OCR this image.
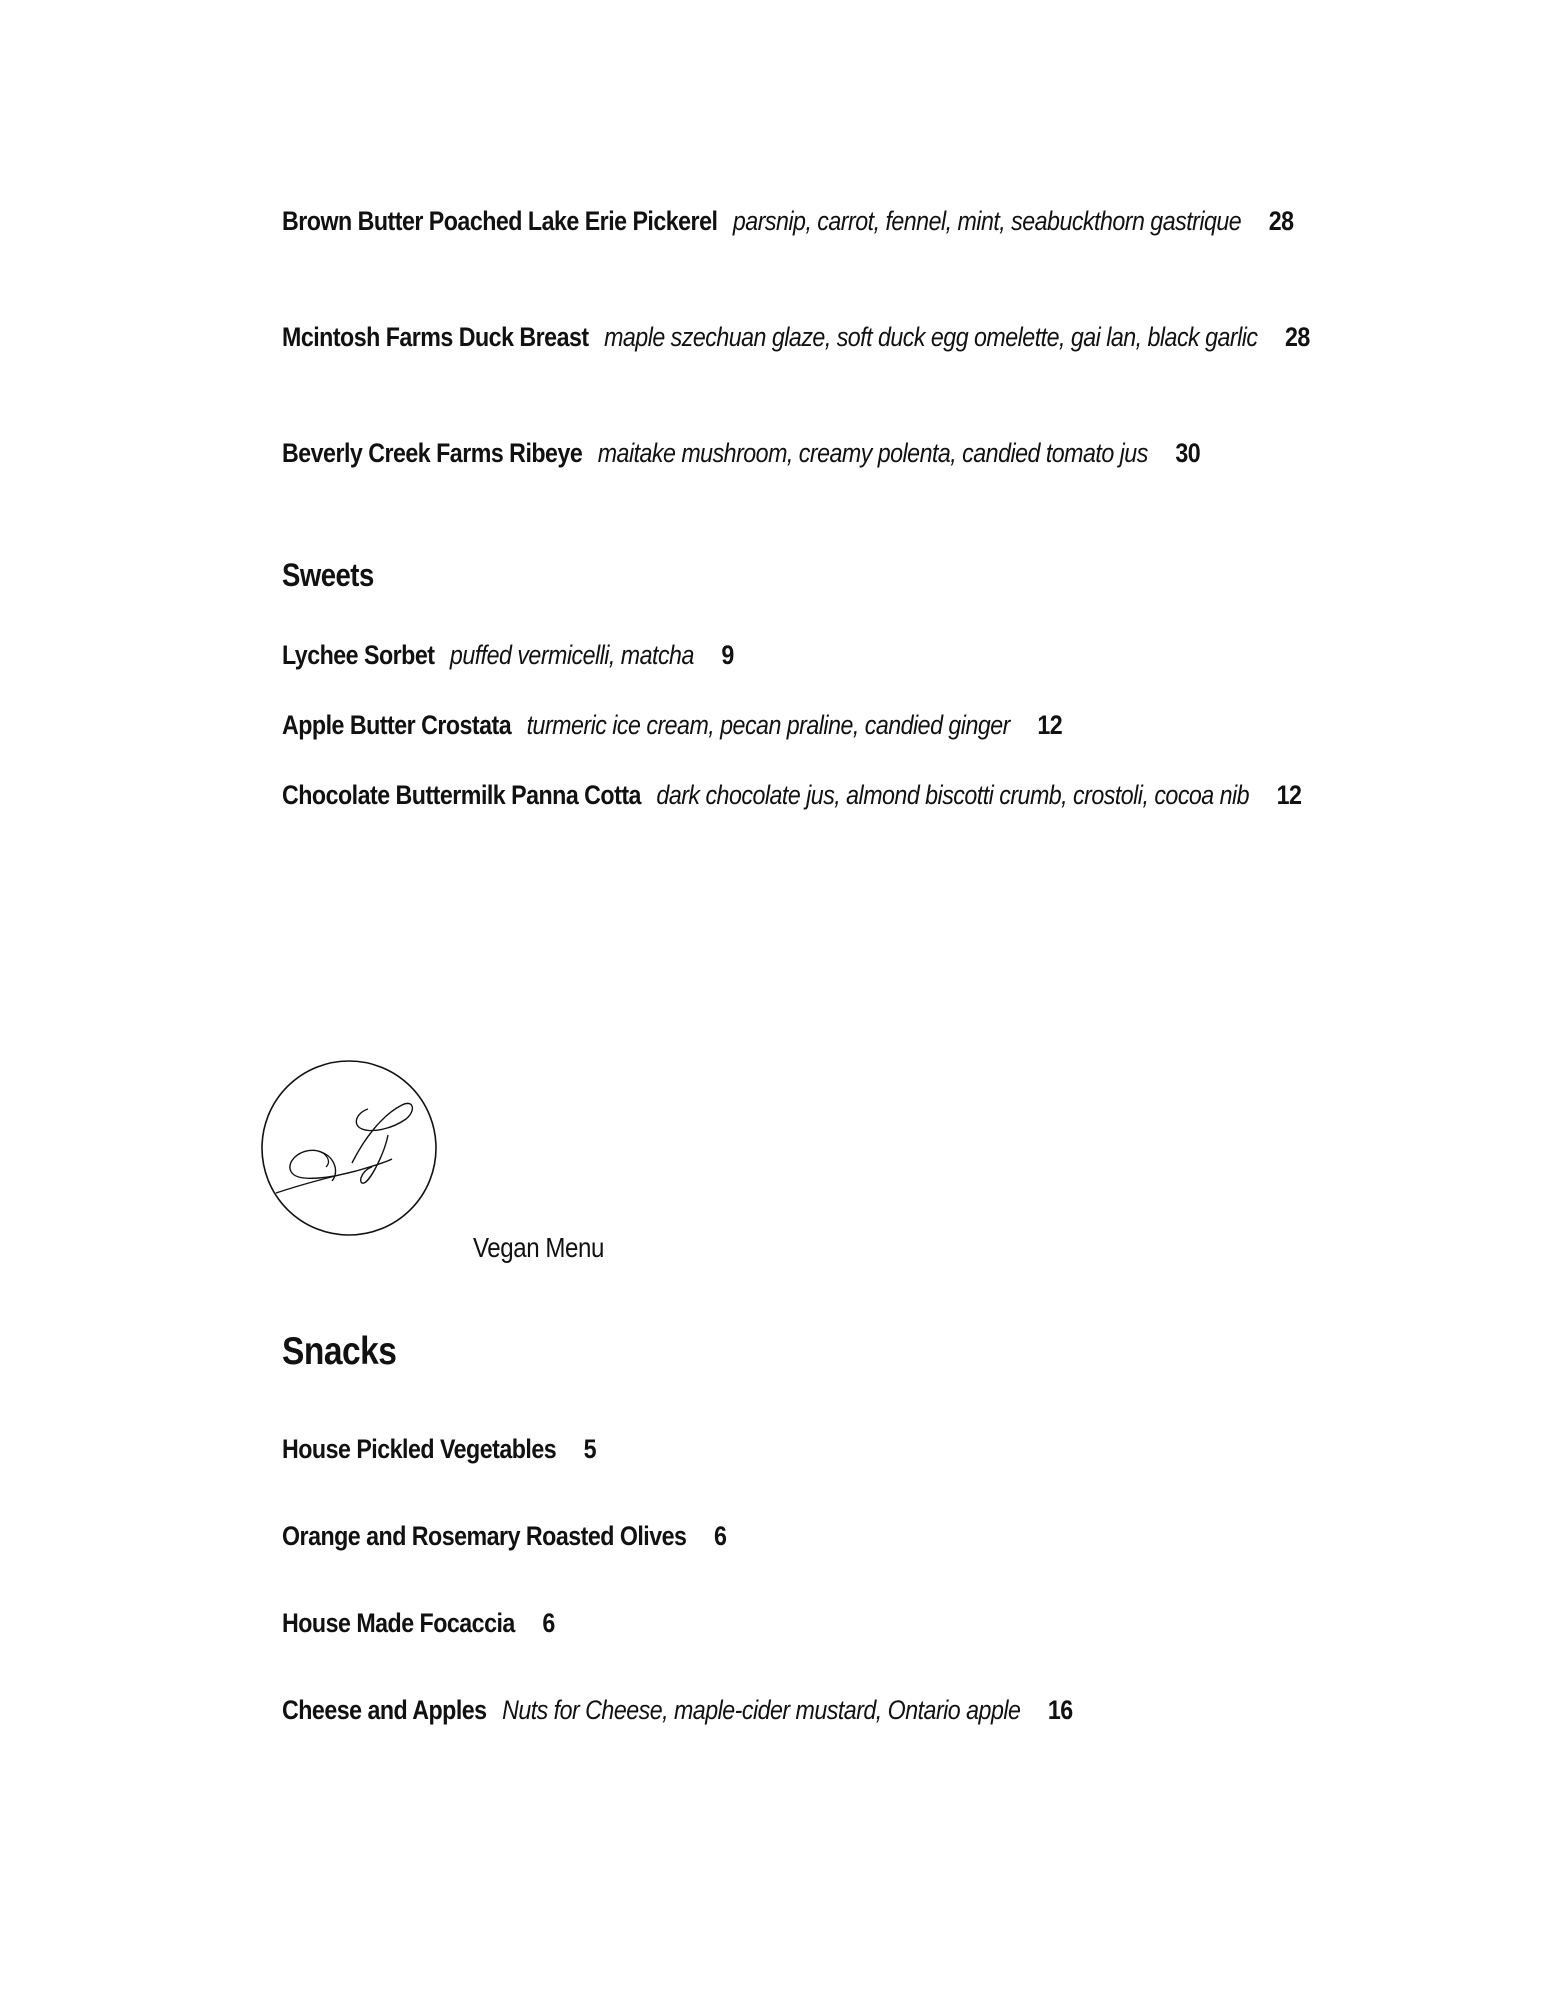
Brown Butter Poached Lake Erie Pickerel parsnip, carrot, fennel, mint, seabuckthorn gastrique 28

Mcintosh Farms Duck Breast maple szechuan glaze, soft duck egg omelette, gai lan, black garlic 28

Beverly Creek Farms Ribeye maitake mushroom, creamy polenta, candied tomato jus 30

Sweets

Lychee Sorbet puffed vermicelli, matcha 9

Apple Butter Crostata turmeric ice cream, pecan praline, candied ginger 12

Chocolate Buttermilk Panna Cotta dark chocolate jus, almond biscotti crumb, crostoli, cocoa nib 12

Vegan Menu

Snacks

House Pickled Vegetables 5

Orange and Rosemary Roasted Olives 6

House Made Focaccia 6

Cheese and Apples Nuts for Cheese, maple-cider mustard, Ontario apple 16
